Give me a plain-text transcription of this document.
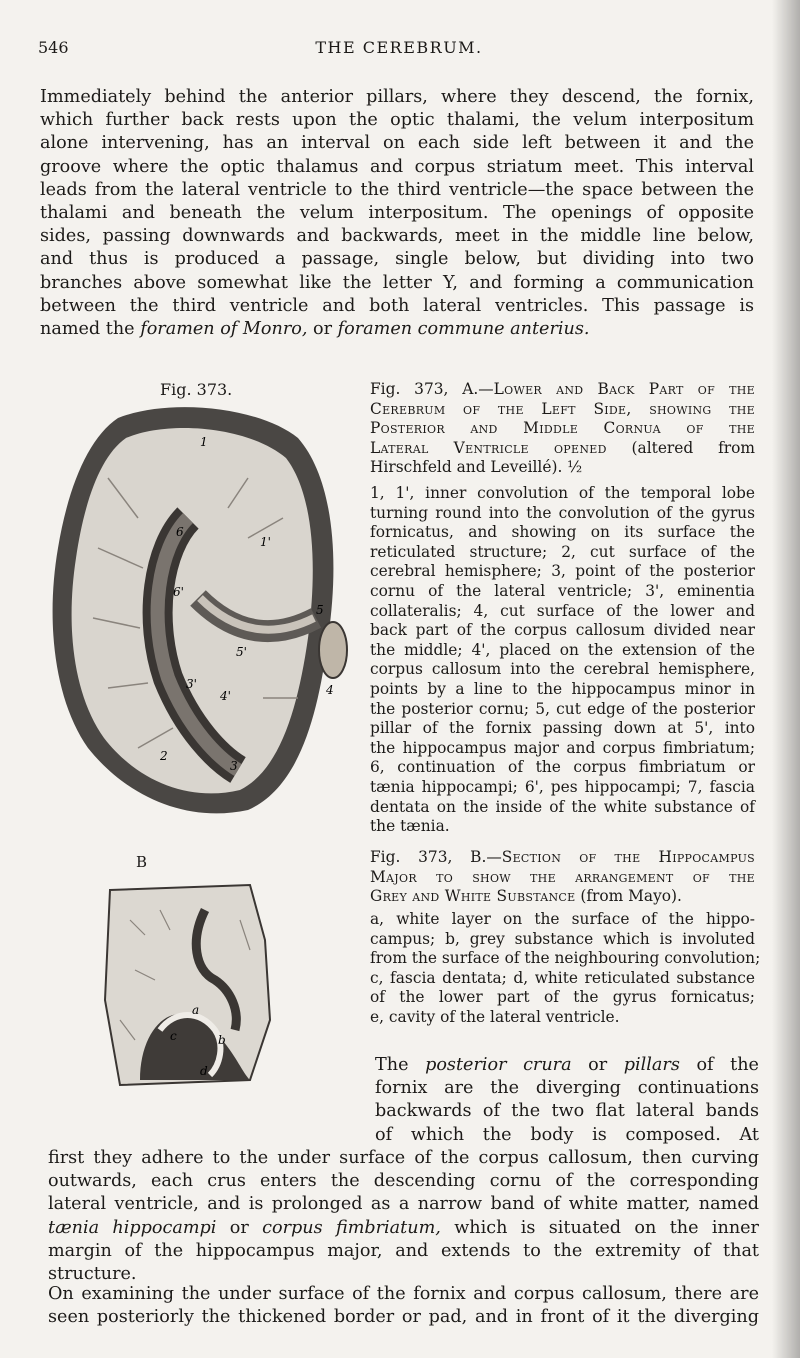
546	THE CEREBRUM.
Immediately behind the anterior pillars, where they descend, the fornix,
which further back rests upon the optic thalami, the velum interpositum
alone intervening, has an interval on each side left between it and the
groove where the optic thalamus and corpus striatum meet. This interval
leads from the lateral ventricle to the third ventricle—the space between the
thalami and beneath the velum interpositum. The openings of opposite
sides, passing downwards and backwards, meet in the middle line below,
and thus is produced a passage, single below, but dividing into two
branches above somewhat like the letter Y, and forming a communication
between the third ventricle and both lateral ventricles. This passage is
named the foramen of Monro, or foramen commune anterius.
Fig. 373.
B
1
1'
6
6'
5
5'
4
4'
3'
3
2
a
b
c
d
Fig. 373, A.—Lower and Back Part of the
Cerebrum of the Left Side, showing the
Posterior and Middle Cornua of the
Lateral Ventricle opened (altered from
Hirschfeld and Leveillé). ½
1, 1', inner convolution of the temporal lobe
turning round into the convolution of the gyrus
fornicatus, and showing on its surface the
reticulated structure; 2, cut surface of the
cerebral hemisphere; 3, point of the posterior
cornu of the lateral ventricle; 3', eminentia
collateralis; 4, cut surface of the lower and
back part of the corpus callosum divided near
the middle; 4', placed on the extension of the
corpus callosum into the cerebral hemisphere,
points by a line to the hippocampus minor in
the posterior cornu; 5, cut edge of the posterior
pillar of the fornix passing down at 5', into
the hippocampus major and corpus fimbriatum;
6, continuation of the corpus fimbriatum or
tænia hippocampi; 6', pes hippocampi; 7, fascia
dentata on the inside of the white substance of
the tænia.
Fig. 373, B.—Section of the Hippocampus
Major to show the arrangement of the
Grey and White Substance (from Mayo).
a, white layer on the surface of the hippo-
campus; b, grey substance which is involuted
from the surface of the neighbouring convolution;
c, fascia dentata; d, white reticulated substance
of the lower part of the gyrus fornicatus;
e, cavity of the lateral ventricle.
The posterior crura or pillars of the
fornix are the diverging continuations
backwards of the two flat lateral bands
of which the body is composed. At
first they adhere to the under surface of the corpus callosum, then curving
outwards, each crus enters the descending cornu of the corresponding
lateral ventricle, and is prolonged as a narrow band of white matter, named
tænia hippocampi or corpus fimbriatum, which is situated on the inner
margin of the hippocampus major, and extends to the extremity of that
structure.
On examining the under surface of the fornix and corpus callosum, there are
seen posteriorly the thickened border or pad, and in front of it the diverging
